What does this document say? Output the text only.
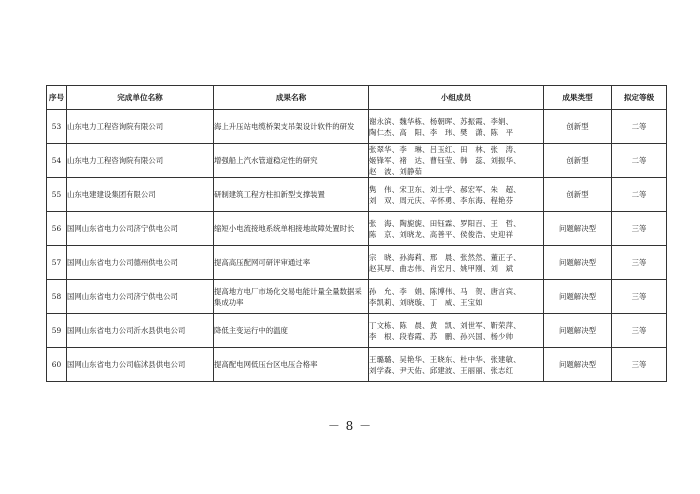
序号	完成单位名称	成果名称	小组成员	成果类型	拟定等级
53	山东电力工程咨询院有限公司	海上升压站电缆桥架支吊架设计软件的研发	谢永滨、魏华栋、杨朝晖、苏振霞、李娟、
陶仁杰、高　阳、李　玮、樊　潇、陈　平	创新型	二等
54	山东电力工程咨询院有限公司	增强船上汽水管道稳定性的研究	张翠华、李　琳、吕玉红、田　林、张　涛、
姬锋军、褚　达、曹钰莹、韩　蕊、刘振华、
赵　波、刘静茹	创新型	二等
55	山东电建建设集团有限公司	研制建筑工程方柱扣新型支撑装置	隽　伟、宋卫东、刘士学、郝宏军、朱　超、
刘　双、周元庆、辛怀勇、李东海、程艳芬	创新型	二等
56	国网山东省电力公司济宁供电公司	缩短小电流接地系统单相接地故障处置时长	张　海、陶旎旎、田钰霖、罗阳百、王　哲、
陈　京、刘晓龙、高善平、侯俊浩、史迎祥	问题解决型	三等
57	国网山东省电力公司德州供电公司	提高高压配网可研评审通过率	宗　晓、孙海莉、邢　晨、张然然、董正子、
赵其厚、曲志伟、肖宏月、姚甲刚、刘　斌	问题解决型	三等
58	国网山东省电力公司济宁供电公司	提高地方电厂市场化交易电能计量全量数据采集成功率	孙　允、李　娟、陈博伟、马　贺、唐言宾、
李凯莉、刘晓璇、丁　威、王宝如	问题解决型	三等
59	国网山东省电力公司沂水县供电公司	降低主变运行中的温度	丁文栋、陈　晨、黄　凯、刘世军、靳荣萍、
李　根、段春霞、苏　鹏、孙兴国、杨少帅	问题解决型	三等
60	国网山东省电力公司临沭县供电公司	提高配电网低压台区电压合格率	王璐璐、吴艳华、王晓东、杜中华、张建敏、
刘学森、尹天佑、邱建波、王丽丽、张志红	问题解决型	三等
－ 8 －
